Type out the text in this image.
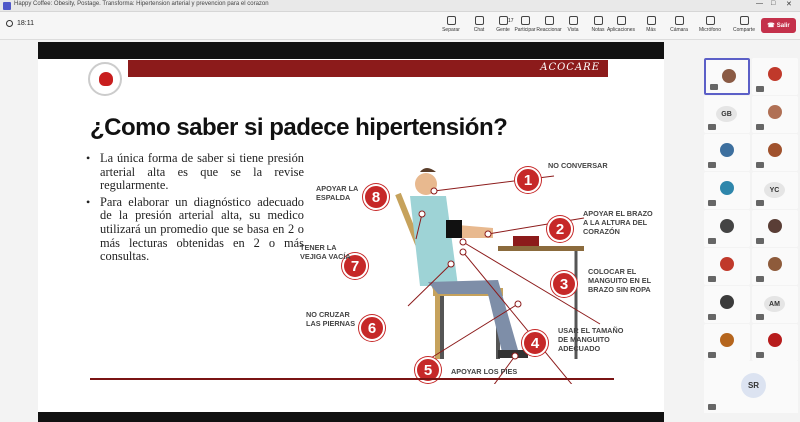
Happy Coffee: Obesity, Postage. Transforma: Hipertension arterial y prevencion para el corazon	— □ ✕
18:11
Separar	Chat
17
Gente Participar Reaccionar Vista	Notas Aplicaciones Más	Cámara Micrófono Comparte
☎ Salir
ACOCARE
¿Como saber si padece hipertensión?
• La única forma de saber si tiene presión arterial alta es que se la revise regularmente.
• Para elaborar un diagnóstico adecuado de la presión arterial alta, su medico utilizará un promedio que se basa en 2 o más lecturas obtenidas en 2 o más consultas.
1
NO CONVERSAR
2
APOYAR EL BRAZO
A LA ALTURA DEL
CORAZÓN
3
COLOCAR EL
MANGUITO EN EL
BRAZO SIN ROPA
4
USAR EL TAMAÑO
DE MANGUITO
ADECUADO
5	APOYAR LOS PIES
6
NO CRUZAR
LAS PIERNAS
7
TENER LA
VEJIGA VACÍA
8
APOYAR LA
ESPALDA
GB
YC
AM
SR
